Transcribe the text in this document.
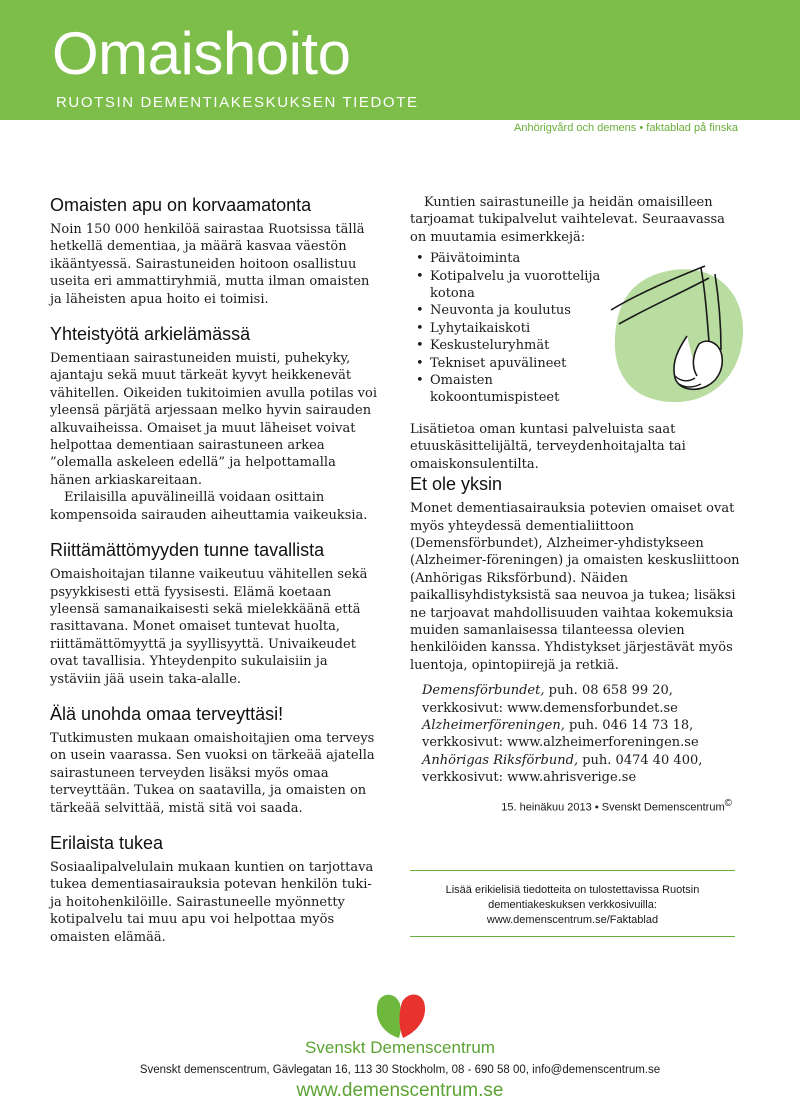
Omaishoito
RUOTSIN DEMENTIAKESKUKSEN TIEDOTE
Anhörigvård och demens • faktablad på finska
Omaisten apu on korvaamatonta

Noin 150 000 henkilöä sairastaa Ruotsissa tällä hetkellä dementiaa, ja määrä kasvaa väestön ikääntyessä. Sairastuneiden hoitoon osallistuu useita eri ammattiryhmiä, mutta ilman omaisten ja läheisten apua hoito ei toimisi.

Yhteistyötä arkielämässä

Dementiaan sairastuneiden muisti, puhekyky, ajantaju sekä muut tärkeät kyvyt heikkenevät vähitellen. Oikeiden tukitoimien avulla potilas voi yleensä pärjätä arjessaan melko hyvin sairauden alkuvaiheissa. Omaiset ja muut läheiset voivat helpottaa dementiaan sairastuneen arkea ”olemalla askeleen edellä” ja helpottamalla hänen arkiaskareitaan.

Erilaisilla apuvälineillä voidaan osittain kompensoida sairauden aiheuttamia vaikeuksia.

Riittämättömyyden tunne tavallista

Omaishoitajan tilanne vaikeutuu vähitellen sekä psyykkisesti että fyysisesti. Elämä koetaan yleensä samanaikaisesti sekä mielekkäänä että rasittavana. Monet omaiset tuntevat huolta, riittämättömyyttä ja syyllisyyttä. Univaikeudet ovat tavallisia. Yhteydenpito sukulaisiin ja ystäviin jää usein taka-alalle.

Älä unohda omaa terveyttäsi!

Tutkimusten mukaan omaishoitajien oma terveys on usein vaarassa. Sen vuoksi on tärkeää ajatella sairastuneen terveyden lisäksi myös omaa terveyttään. Tukea on saatavilla, ja omaisten on tärkeää selvittää, mistä sitä voi saada.

Erilaista tukea

Sosiaalipalvelulain mukaan kuntien on tarjottava tukea dementiasairauksia potevan henkilön tuki- ja hoitohenkilöille. Sairastuneelle myönnetty kotipalvelu tai muu apu voi helpottaa myös omaisten elämää.

Kuntien sairastuneille ja heidän omaisilleen tarjoamat tukipalvelut vaihtelevat. Seuraavassa on muutamia esimerkkejä:

• Päivätoiminta
• Kotipalvelu ja vuorottelija kotona
• Neuvonta ja koulutus
• Lyhytaikaiskoti
• Keskusteluryhmät
• Tekniset apuvälineet
• Omaisten kokoontumispisteet

Lisätietoa oman kuntasi palveluista saat etuuskäsittelijältä, terveydenhoitajalta tai omaiskonsulentilta.

Et ole yksin

Monet dementiasairauksia potevien omaiset ovat myös yhteydessä dementialiittoon (Demensförbundet), Alzheimer-yhdistykseen (Alzheimer-föreningen) ja omaisten keskusliittoon (Anhörigas Riksförbund). Näiden paikallisyhdistyksistä saa neuvoa ja tukea; lisäksi ne tarjoavat mahdollisuuden vaihtaa kokemuksia muiden samanlaisessa tilanteessa olevien henkilöiden kanssa. Yhdistykset järjestävät myös luentoja, opintopiirejä ja retkiä.

Demensförbundet, puh. 08 658 99 20,

verkkosivut: www.demensforbundet.se

Alzheimerföreningen, puh. 046 14 73 18,

verkkosivut: www.alzheimerforeningen.se

Anhörigas Riksförbund, puh. 0474 40 400,

verkkosivut: www.ahrisverige.se

15. heinäkuu 2013 • Svenskt Demenscentrum©
Lisää erikielisiä tiedotteita on tulostettavissa Ruotsin
dementiakeskuksen verkkosivuilla:
www.demenscentrum.se/Faktablad
Svenskt Demenscentrum
Svenskt demenscentrum, Gävlegatan 16, 113 30 Stockholm, 08 - 690 58 00, info@demenscentrum.se
www.demenscentrum.se
